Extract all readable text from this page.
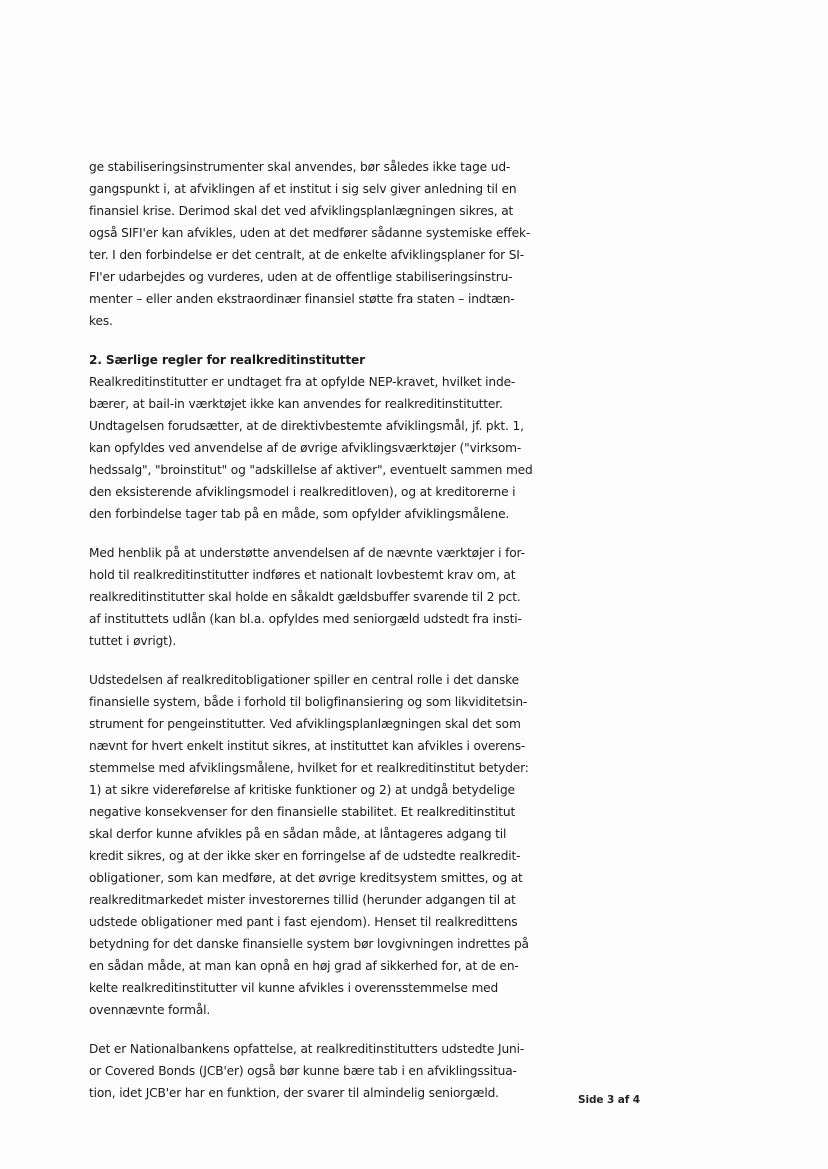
ge stabiliseringsinstrumenter skal anvendes, bør således ikke tage ud-
gangspunkt i, at afviklingen af et institut i sig selv giver anledning til en
finansiel krise. Derimod skal det ved afviklingsplanlægningen sikres, at
også SIFI'er kan afvikles, uden at det medfører sådanne systemiske effek-
ter. I den forbindelse er det centralt, at de enkelte afviklingsplaner for SI-
FI'er udarbejdes og vurderes, uden at de offentlige stabiliseringsinstru-
menter – eller anden ekstraordinær finansiel støtte fra staten – indtæn-
kes.

2. Særlige regler for realkreditinstitutter

Realkreditinstitutter er undtaget fra at opfylde NEP-kravet, hvilket inde-
bærer, at bail-in værktøjet ikke kan anvendes for realkreditinstitutter.
Undtagelsen forudsætter, at de direktivbestemte afviklingsmål, jf. pkt. 1,
kan opfyldes ved anvendelse af de øvrige afviklingsværktøjer ("virksom-
hedssalg", "broinstitut" og "adskillelse af aktiver", eventuelt sammen med
den eksisterende afviklingsmodel i realkreditloven), og at kreditorerne i
den forbindelse tager tab på en måde, som opfylder afviklingsmålene.

Med henblik på at understøtte anvendelsen af de nævnte værktøjer i for-
hold til realkreditinstitutter indføres et nationalt lovbestemt krav om, at
realkreditinstitutter skal holde en såkaldt gældsbuffer svarende til 2 pct.
af instituttets udlån (kan bl.a. opfyldes med seniorgæld udstedt fra insti-
tuttet i øvrigt).

Udstedelsen af realkreditobligationer spiller en central rolle i det danske
finansielle system, både i forhold til boligfinansiering og som likviditetsin-
strument for pengeinstitutter. Ved afviklingsplanlægningen skal det som
nævnt for hvert enkelt institut sikres, at instituttet kan afvikles i overens-
stemmelse med afviklingsmålene, hvilket for et realkreditinstitut betyder:
1) at sikre videreførelse af kritiske funktioner og 2) at undgå betydelige
negative konsekvenser for den finansielle stabilitet. Et realkreditinstitut
skal derfor kunne afvikles på en sådan måde, at låntageres adgang til
kredit sikres, og at der ikke sker en forringelse af de udstedte realkredit-
obligationer, som kan medføre, at det øvrige kreditsystem smittes, og at
realkreditmarkedet mister investorernes tillid (herunder adgangen til at
udstede obligationer med pant i fast ejendom). Henset til realkredittens
betydning for det danske finansielle system bør lovgivningen indrettes på
en sådan måde, at man kan opnå en høj grad af sikkerhed for, at de en-
kelte realkreditinstitutter vil kunne afvikles i overensstemmelse med
ovennævnte formål.

Det er Nationalbankens opfattelse, at realkreditinstitutters udstedte Juni-
or Covered Bonds (JCB'er) også bør kunne bære tab i en afviklingssitua-
tion, idet JCB'er har en funktion, der svarer til almindelig seniorgæld.	Side 3 af 4
